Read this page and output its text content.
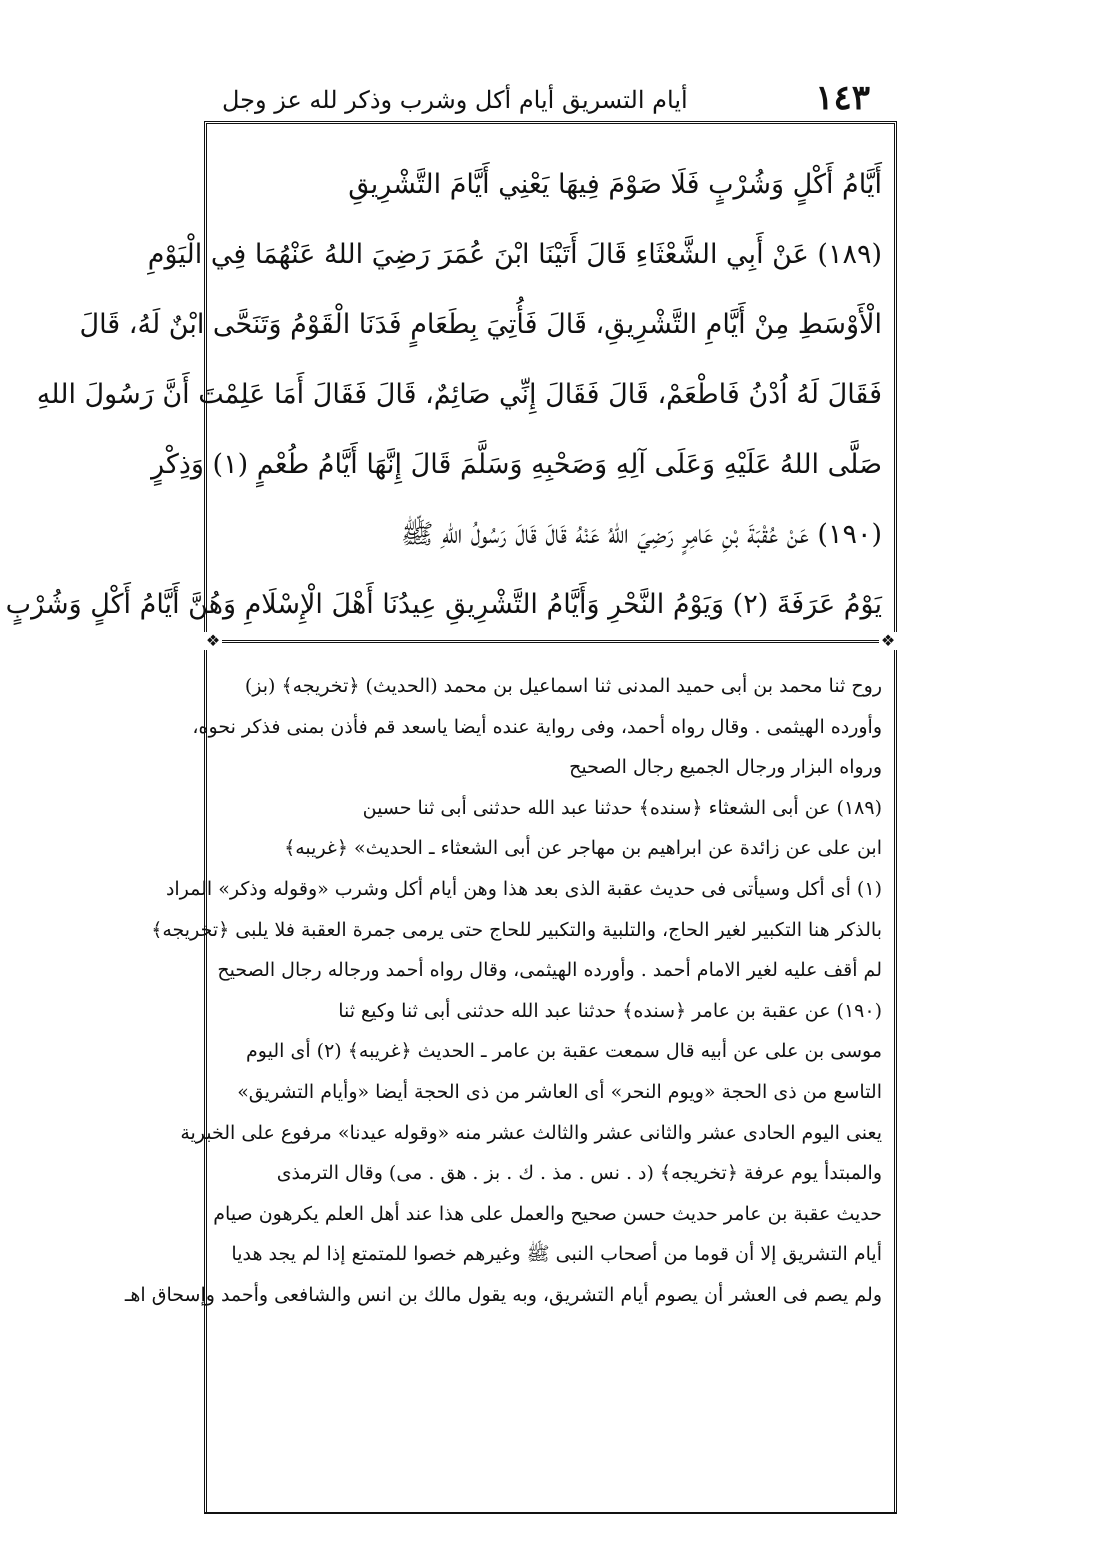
١٤٣
أيام التسريق أيام أكل وشرب وذكر لله عز وجل
أَيَّامُ أَكْلٍ وَشُرْبٍ فَلَا صَوْمَ فِيهَا يَعْنِي أَيَّامَ التَّشْرِيقِ
(١٨٩) عَنْ أَبِي الشَّعْثَاءِ قَالَ أَتَيْنَا ابْنَ عُمَرَ رَضِيَ اللهُ عَنْهُمَا فِي الْيَوْمِ
الْأَوْسَطِ مِنْ أَيَّامِ التَّشْرِيقِ، قَالَ فَأُتِيَ بِطَعَامٍ فَدَنَا الْقَوْمُ وَتَنَحَّى ابْنٌ لَهُ، قَالَ
فَقَالَ لَهُ اُدْنُ فَاطْعَمْ، قَالَ فَقَالَ إِنِّي صَائِمٌ، قَالَ فَقَالَ أَمَا عَلِمْتَ أَنَّ رَسُولَ اللهِ
صَلَّى اللهُ عَلَيْهِ وَعَلَى آلِهِ وَصَحْبِهِ وَسَلَّمَ قَالَ إِنَّهَا أَيَّامُ طُعْمٍ (١) وَذِكْرٍ
(١٩٠) عَنْ عُقْبَةَ بْنِ عَامِرٍ رَضِيَ اللهُ عَنْهُ قَالَ قَالَ رَسُولُ اللهِ ﷺ
يَوْمُ عَرَفَةَ (٢) وَيَوْمُ النَّحْرِ وَأَيَّامُ التَّشْرِيقِ عِيدُنَا أَهْلَ الْإِسْلَامِ وَهُنَّ أَيَّامُ أَكْلٍ وَشُرْبٍ
❖	❖
روح ثنا محمد بن أبى حميد المدنى ثنا اسماعيل بن محمد (الحديث) ﴿تخريجه﴾ (بز)
وأورده الهيثمى . وقال رواه أحمد، وفى رواية عنده أيضا ياسعد قم فأذن بمنى فذكر نحوه،
ورواه البزار ورجال الجميع رجال الصحيح
(١٨٩) عن أبى الشعثاء ﴿سنده﴾ حدثنا عبد الله حدثنى أبى ثنا حسين
ابن على عن زائدة عن ابراهيم بن مهاجر عن أبى الشعثاء ـ الحديث» ﴿غريبه﴾
(١) أى أكل وسيأتى فى حديث عقبة الذى بعد هذا وهن أيام أكل وشرب «وقوله وذكر» المراد
بالذكر هنا التكبير لغير الحاج، والتلبية والتكبير للحاج حتى يرمى جمرة العقبة فلا يلبى ﴿تخريجه﴾
لم أقف عليه لغير الامام أحمد . وأورده الهيثمى، وقال رواه أحمد ورجاله رجال الصحيح
(١٩٠) عن عقبة بن عامر ﴿سنده﴾ حدثنا عبد الله حدثنى أبى ثنا وكيع ثنا
موسى بن على عن أبيه قال سمعت عقبة بن عامر ـ الحديث ﴿غريبه﴾ (٢) أى اليوم
التاسع من ذى الحجة «ويوم النحر» أى العاشر من ذى الحجة أيضا «وأيام التشريق»
يعنى اليوم الحادى عشر والثانى عشر والثالث عشر منه «وقوله عيدنا» مرفوع على الخبرية
والمبتدأ يوم عرفة ﴿تخريجه﴾ (د . نس . مذ . ك . بز . هق . مى) وقال الترمذى
حديث عقبة بن عامر حديث حسن صحيح والعمل على هذا عند أهل العلم يكرهون صيام
أيام التشريق إلا أن قوما من أصحاب النبى ﷺ وغيرهم خصوا للمتمتع إذا لم يجد هديا
ولم يصم فى العشر أن يصوم أيام التشريق، وبه يقول مالك بن انس والشافعى وأحمد وإسحاق اهـ
